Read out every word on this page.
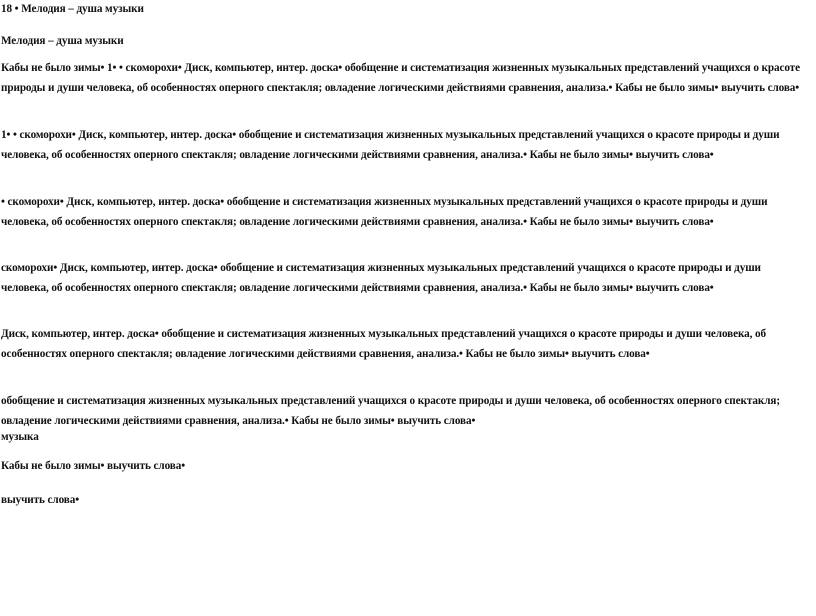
18 • Мелодия – душа музыки

Мелодия – душа музыки

Кабы не было зимы• 1• • скоморохи• Диск, компьютер, интер. доска• обобщение и систематизация жизненных музыкальных представлений учащихся о красоте природы и души человека, об особенностях оперного спектакля; овладение логическими действиями сравнения, анализа.• Кабы не было зимы• выучить слова•

1• • скоморохи• Диск, компьютер, интер. доска• обобщение и систематизация жизненных музыкальных представлений учащихся о красоте природы и души человека, об особенностях оперного спектакля; овладение логическими действиями сравнения, анализа.• Кабы не было зимы• выучить слова•

• скоморохи• Диск, компьютер, интер. доска• обобщение и систематизация жизненных музыкальных представлений учащихся о красоте природы и души человека, об особенностях оперного спектакля; овладение логическими действиями сравнения, анализа.• Кабы не было зимы• выучить слова•

скоморохи• Диск, компьютер, интер. доска• обобщение и систематизация жизненных музыкальных представлений учащихся о красоте природы и души человека, об особенностях оперного спектакля; овладение логическими действиями сравнения, анализа.• Кабы не было зимы• выучить слова•

Диск, компьютер, интер. доска• обобщение и систематизация жизненных музыкальных представлений учащихся о красоте природы и души человека, об особенностях оперного спектакля; овладение логическими действиями сравнения, анализа.• Кабы не было зимы• выучить слова•

обобщение и систематизация жизненных музыкальных представлений учащихся о красоте природы и души человека, об особенностях оперного спектакля; овладение логическими действиями сравнения, анализа.• Кабы не было зимы• выучить слова•

музыка

Кабы не было зимы• выучить слова•

выучить слова•
